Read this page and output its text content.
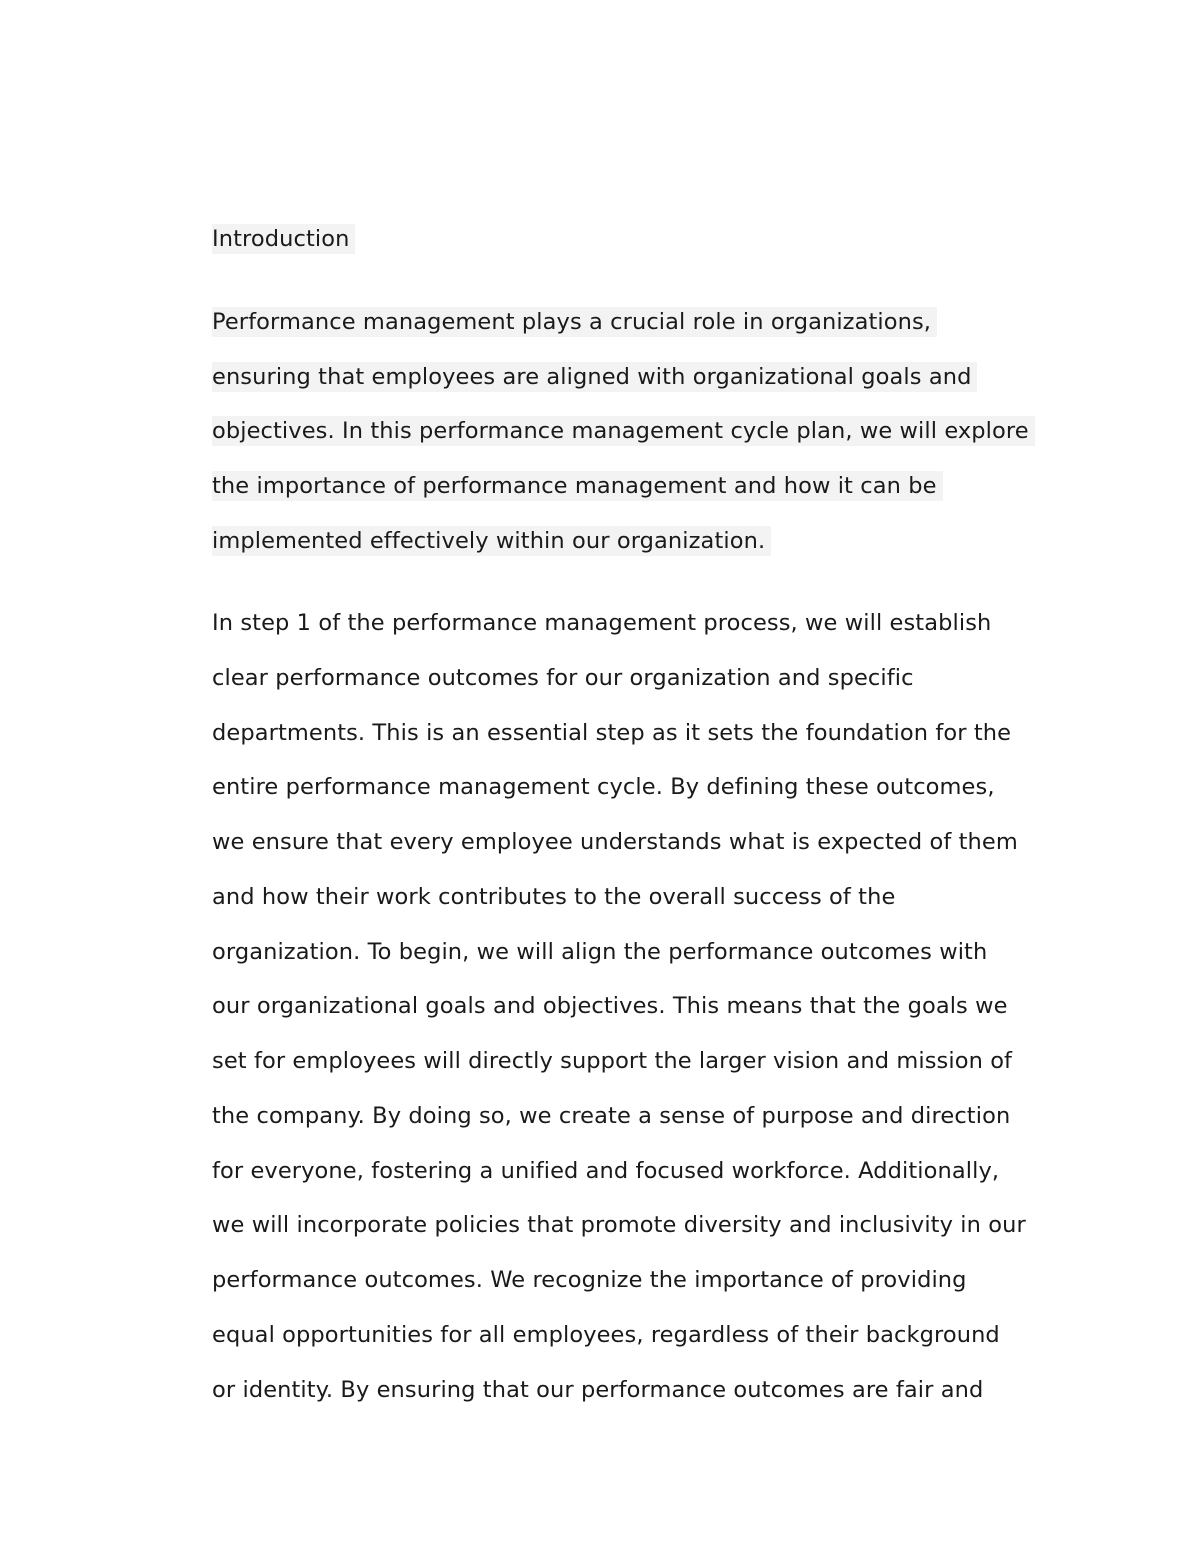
Introduction
Performance management plays a crucial role in organizations,
ensuring that employees are aligned with organizational goals and
objectives. In this performance management cycle plan, we will explore
the importance of performance management and how it can be
implemented effectively within our organization.
In step 1 of the performance management process, we will establish
clear performance outcomes for our organization and specific
departments. This is an essential step as it sets the foundation for the
entire performance management cycle. By defining these outcomes,
we ensure that every employee understands what is expected of them
and how their work contributes to the overall success of the
organization. To begin, we will align the performance outcomes with
our organizational goals and objectives. This means that the goals we
set for employees will directly support the larger vision and mission of
the company. By doing so, we create a sense of purpose and direction
for everyone, fostering a unified and focused workforce. Additionally,
we will incorporate policies that promote diversity and inclusivity in our
performance outcomes. We recognize the importance of providing
equal opportunities for all employees, regardless of their background
or identity. By ensuring that our performance outcomes are fair and
